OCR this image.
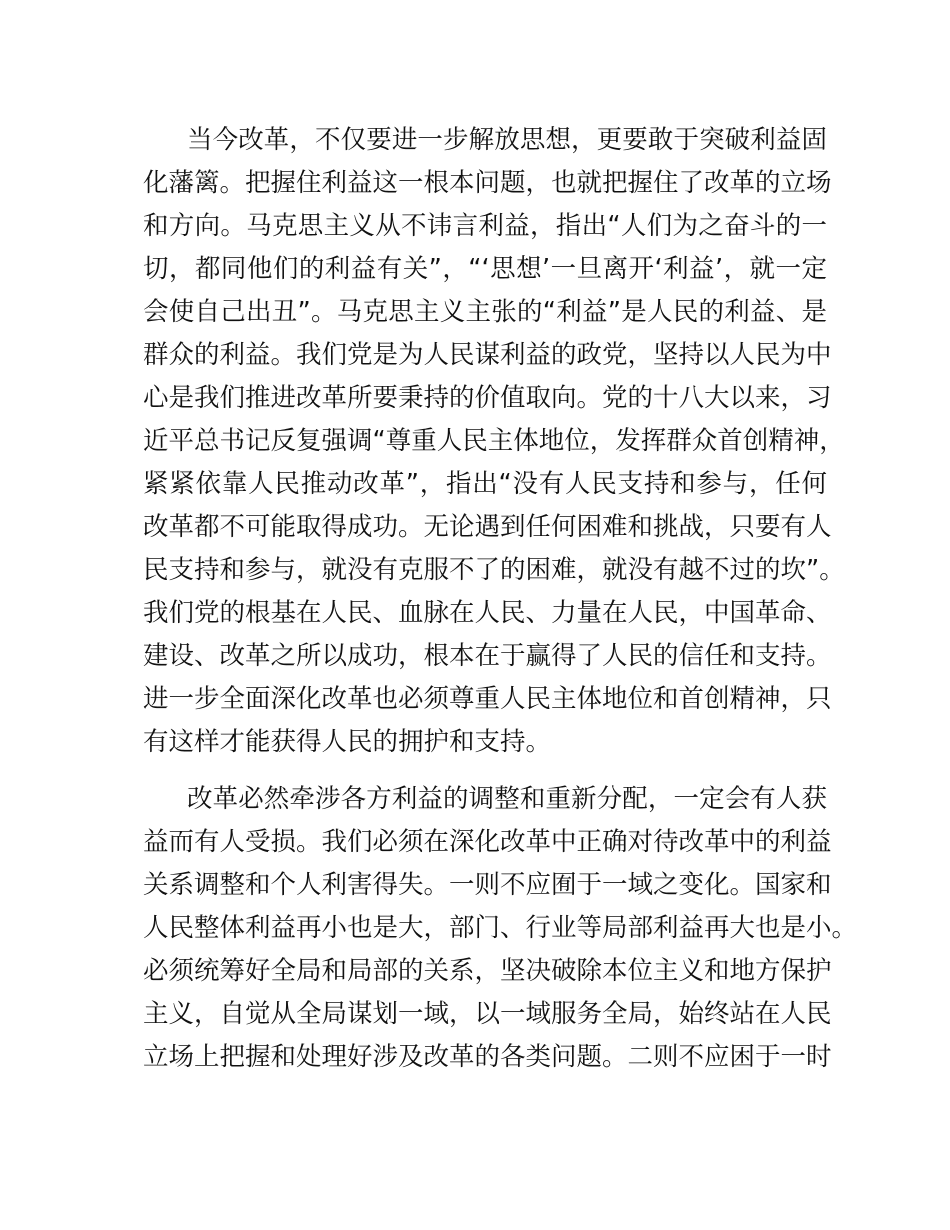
当今改革，不仅要进一步解放思想，更要敢于突破利益固
化藩篱。把握住利益这一根本问题，也就把握住了改革的立场
和方向。马克思主义从不讳言利益，指出“人们为之奋斗的一
切，都同他们的利益有关”，“‘思想’一旦离开‘利益’，就一定
会使自己出丑”。马克思主义主张的“利益”是人民的利益、是
群众的利益。我们党是为人民谋利益的政党，坚持以人民为中
心是我们推进改革所要秉持的价值取向。党的十八大以来，习
近平总书记反复强调“尊重人民主体地位，发挥群众首创精神，
紧紧依靠人民推动改革”，指出“没有人民支持和参与，任何
改革都不可能取得成功。无论遇到任何困难和挑战，只要有人
民支持和参与，就没有克服不了的困难，就没有越不过的坎”。
我们党的根基在人民、血脉在人民、力量在人民，中国革命、
建设、改革之所以成功，根本在于赢得了人民的信任和支持。
进一步全面深化改革也必须尊重人民主体地位和首创精神，只
有这样才能获得人民的拥护和支持。
改革必然牵涉各方利益的调整和重新分配，一定会有人获
益而有人受损。我们必须在深化改革中正确对待改革中的利益
关系调整和个人利害得失。一则不应囿于一域之变化。国家和
人民整体利益再小也是大，部门、行业等局部利益再大也是小。
必须统筹好全局和局部的关系，坚决破除本位主义和地方保护
主义，自觉从全局谋划一域，以一域服务全局，始终站在人民
立场上把握和处理好涉及改革的各类问题。二则不应困于一时
